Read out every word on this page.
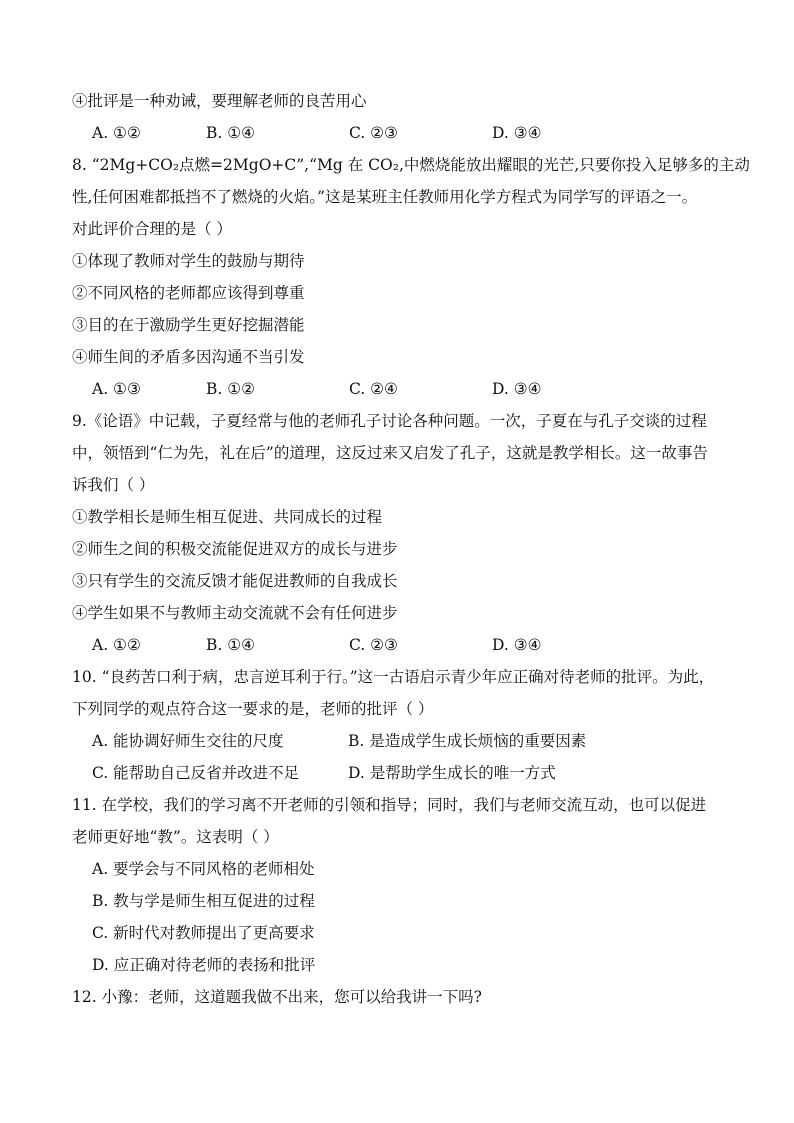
④批评是一种劝诫，要理解老师的良苦用心
8. “2Mg+CO₂点燃=2MgO+C”,“Mg 在 CO₂,中燃烧能放出耀眼的光芒,只要你投入足够多的主动
性,任何困难都抵挡不了燃烧的火焰。”这是某班主任教师用化学方程式为同学写的评语之一。
对此评价合理的是（ ）
①体现了教师对学生的鼓励与期待
②不同风格的老师都应该得到尊重
③目的在于激励学生更好挖掘潜能
④师生间的矛盾多因沟通不当引发
9.《论语》中记载，子夏经常与他的老师孔子讨论各种问题。一次，子夏在与孔子交谈的过程
中，领悟到“仁为先，礼在后”的道理，这反过来又启发了孔子，这就是教学相长。这一故事告
诉我们（ ）
①教学相长是师生相互促进、共同成长的过程
②师生之间的积极交流能促进双方的成长与进步
③只有学生的交流反馈才能促进教师的自我成长
④学生如果不与教师主动交流就不会有任何进步
10. “良药苦口利于病，忠言逆耳利于行。”这一古语启示青少年应正确对待老师的批评。为此，
下列同学的观点符合这一要求的是，老师的批评（ ）
11. 在学校，我们的学习离不开老师的引领和指导；同时，我们与老师交流互动，也可以促进
老师更好地“教”。这表明（ ）
12. 小豫：老师，这道题我做不出来，您可以给我讲一下吗?
A. ①②	B. ①④	C. ②③	D. ③④
A. ①③	B. ①②	C. ②④	D. ③④
A. ①②	B. ①④	C. ②③	D. ③④
A. 能协调好师生交往的尺度	B. 是造成学生成长烦恼的重要因素
C. 能帮助自己反省并改进不足	D. 是帮助学生成长的唯一方式
A. 要学会与不同风格的老师相处
B. 教与学是师生相互促进的过程
C. 新时代对教师提出了更高要求
D. 应正确对待老师的表扬和批评
